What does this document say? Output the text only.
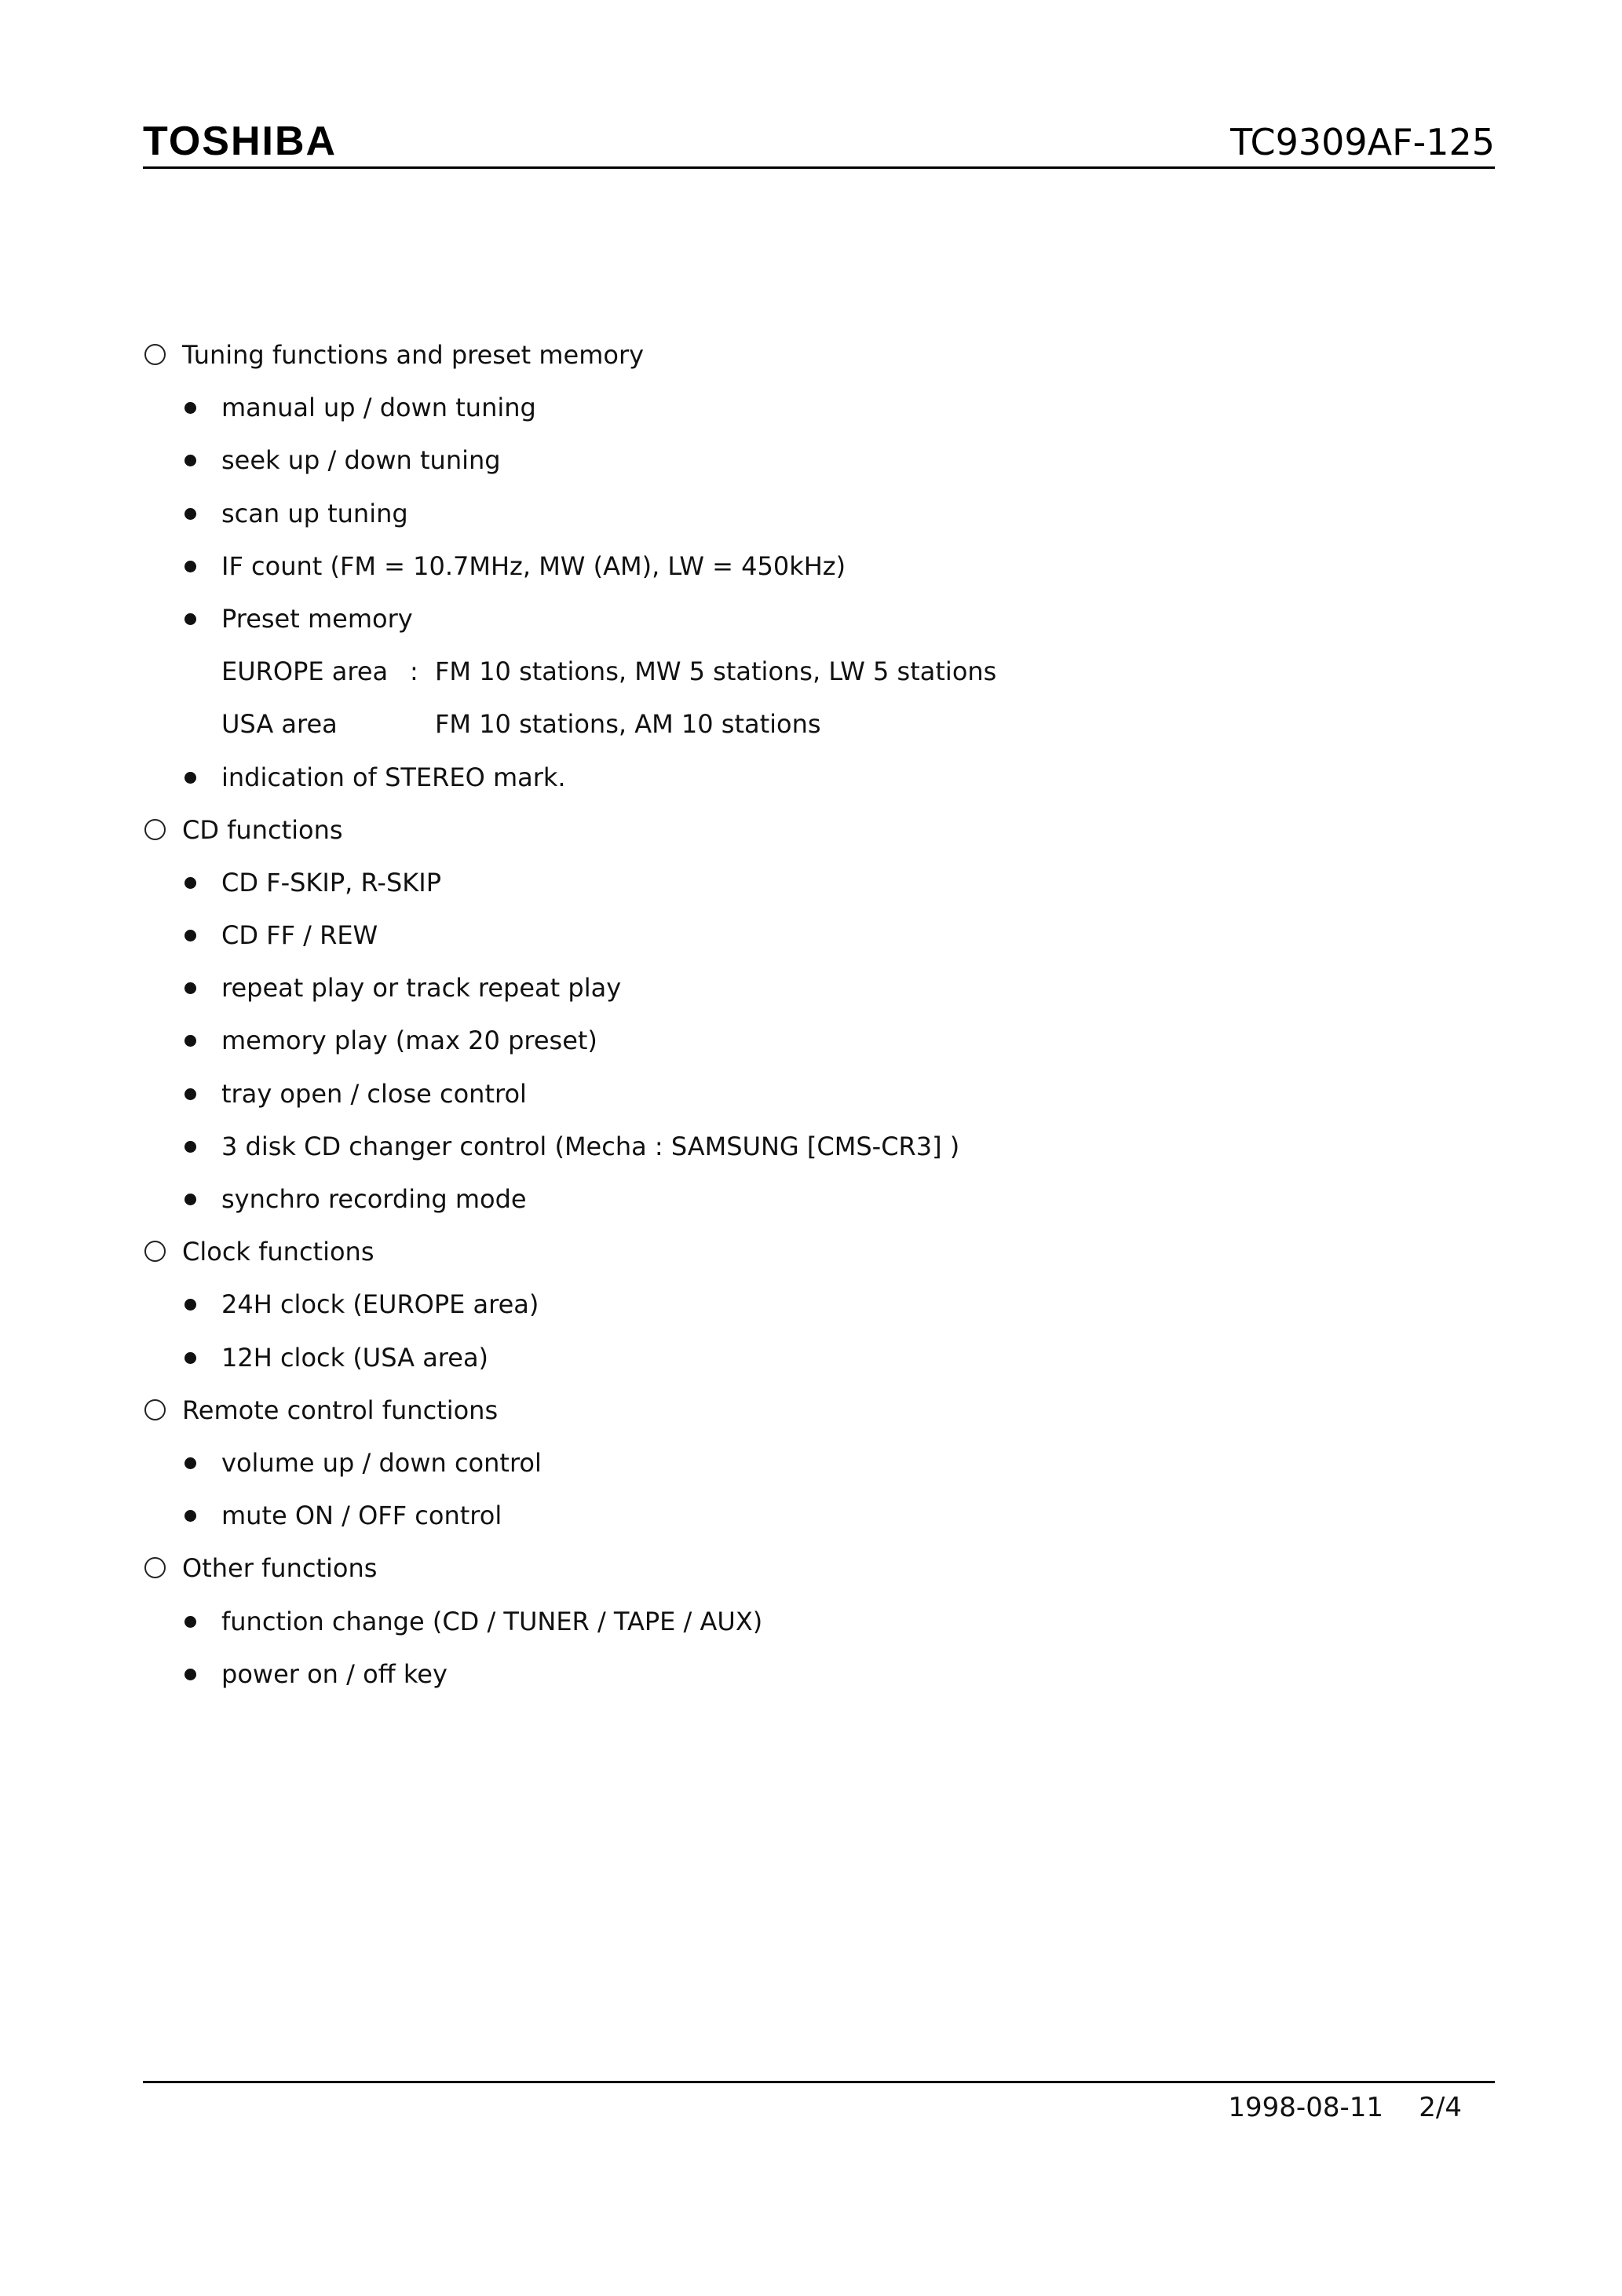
TOSHIBA	TC9309AF-125
Tuning functions and preset memory
manual up / down tuning
seek up / down tuning
scan up tuning
IF count (FM = 10.7MHz, MW (AM), LW = 450kHz)
Preset memory
EUROPE area : FM 10 stations, MW 5 stations, LW 5 stations
USA area	FM 10 stations, AM 10 stations
indication of STEREO mark.
CD functions
CD F-SKIP, R-SKIP
CD FF / REW
repeat play or track repeat play
memory play (max 20 preset)
tray open / close control
3 disk CD changer control (Mecha : SAMSUNG [CMS-CR3] )
synchro recording mode
Clock functions
24H clock (EUROPE area)
12H clock (USA area)
Remote control functions
volume up / down control
mute ON / OFF control
Other functions
function change (CD / TUNER / TAPE / AUX)
power on / off key
1998-08-11 2/4
